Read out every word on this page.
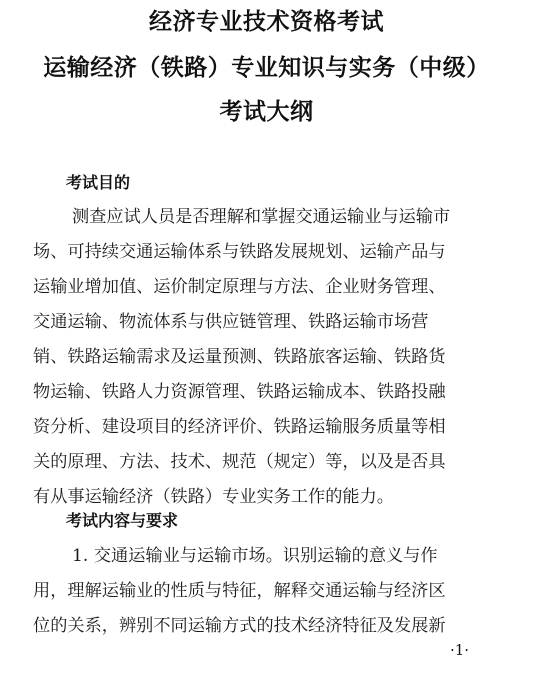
经济专业技术资格考试
运输经济（铁路）专业知识与实务（中级）
考试大纲
考试目的
测查应试人员是否理解和掌握交通运输业与运输市
场、可持续交通运输体系与铁路发展规划、运输产品与
运输业增加值、运价制定原理与方法、企业财务管理、
交通运输、物流体系与供应链管理、铁路运输市场营
销、铁路运输需求及运量预测、铁路旅客运输、铁路货
物运输、铁路人力资源管理、铁路运输成本、铁路投融
资分析、建设项目的经济评价、铁路运输服务质量等相
关的原理、方法、技术、规范（规定）等，以及是否具
有从事运输经济（铁路）专业实务工作的能力。
考试内容与要求
1. 交通运输业与运输市场。识别运输的意义与作
用，理解运输业的性质与特征，解释交通运输与经济区
位的关系，辨别不同运输方式的技术经济特征及发展新
·1·
